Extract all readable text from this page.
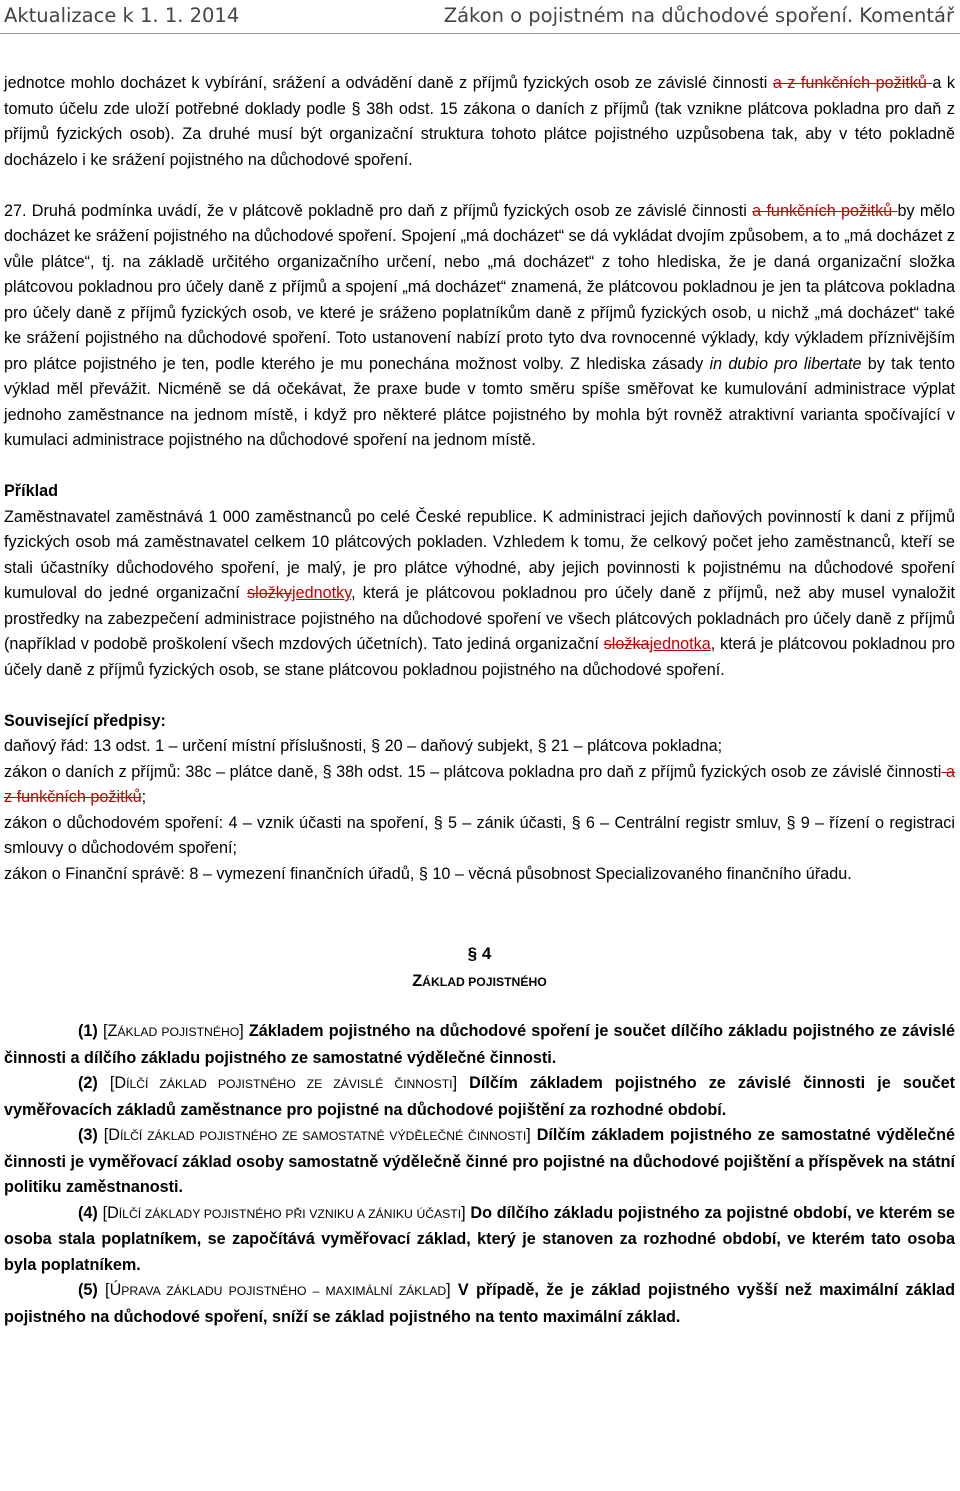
Aktualizace k 1. 1. 2014	Zákon o pojistném na důchodové spoření. Komentář

jednotce mohlo docházet k vybírání, srážení a odvádění daně z příjmů fyzických osob ze závislé činnosti a z funkčních požitků a k tomuto účelu zde uloží potřebné doklady podle § 38h odst. 15 zákona o daních z příjmů (tak vznikne plátcova pokladna pro daň z příjmů fyzických osob). Za druhé musí být organizační struktura tohoto plátce pojistného uzpůsobena tak, aby v této pokladně docházelo i ke srážení pojistného na důchodové spoření.

27. Druhá podmínka uvádí, že v plátcově pokladně pro daň z příjmů fyzických osob ze závislé činnosti a funkčních požitků by mělo docházet ke srážení pojistného na důchodové spoření. Spojení „má docházet“ se dá vykládat dvojím způsobem, a to „má docházet z vůle plátce“, tj. na základě určitého organizačního určení, nebo „má docházet“ z toho hlediska, že je daná organizační složka plátcovou pokladnou pro účely daně z příjmů a spojení „má docházet“ znamená, že plátcovou pokladnou je jen ta plátcova pokladna pro účely daně z příjmů fyzických osob, ve které je sráženo poplatníkům daně z příjmů fyzických osob, u nichž „má docházet“ také ke srážení pojistného na důchodové spoření. Toto ustanovení nabízí proto tyto dva rovnocenné výklady, kdy výkladem příznivějším pro plátce pojistného je ten, podle kterého je mu ponechána možnost volby. Z hlediska zásady in dubio pro libertate by tak tento výklad měl převážit. Nicméně se dá očekávat, že praxe bude v tomto směru spíše směřovat ke kumulování administrace výplat jednoho zaměstnance na jednom místě, i když pro některé plátce pojistného by mohla být rovněž atraktivní varianta spočívající v kumulaci administrace pojistného na důchodové spoření na jednom místě.

Příklad

Zaměstnavatel zaměstnává 1 000 zaměstnanců po celé České republice. K administraci jejich daňových povinností k dani z příjmů fyzických osob má zaměstnavatel celkem 10 plátcových pokladen. Vzhledem k tomu, že celkový počet jeho zaměstnanců, kteří se stali účastníky důchodového spoření, je malý, je pro plátce výhodné, aby jejich povinnosti k pojistnému na důchodové spoření kumuloval do jedné organizační složkyjednotky, která je plátcovou pokladnou pro účely daně z příjmů, než aby musel vynaložit prostředky na zabezpečení administrace pojistného na důchodové spoření ve všech plátcových pokladnách pro účely daně z příjmů (například v podobě proškolení všech mzdových účetních). Tato jediná organizační složkajednotka, která je plátcovou pokladnou pro účely daně z příjmů fyzických osob, se stane plátcovou pokladnou pojistného na důchodové spoření.

Související předpisy:

daňový řád: 13 odst. 1 – určení místní příslušnosti, § 20 – daňový subjekt, § 21 – plátcova pokladna;

zákon o daních z příjmů: 38c – plátce daně, § 38h odst. 15 – plátcova pokladna pro daň z příjmů fyzických osob ze závislé činnosti a z funkčních požitků;

zákon o důchodovém spoření: 4 – vznik účasti na spoření, § 5 – zánik účasti, § 6 – Centrální registr smluv, § 9 – řízení o registraci smlouvy o důchodovém spoření;

zákon o Finanční správě: 8 – vymezení finančních úřadů, § 10 – věcná působnost Specializovaného finančního úřadu.

§ 4

ZÁKLAD POJISTNÉHO

(1) [ZÁKLAD POJISTNÉHO] Základem pojistného na důchodové spoření je součet dílčího základu pojistného ze závislé činnosti a dílčího základu pojistného ze samostatné výdělečné činnosti.

(2) [DÍLČÍ ZÁKLAD POJISTNÉHO ZE ZÁVISLÉ ČINNOSTI] Dílčím základem pojistného ze závislé činnosti je součet vyměřovacích základů zaměstnance pro pojistné na důchodové pojištění za rozhodné období.

(3) [DÍLČÍ ZÁKLAD POJISTNÉHO ZE SAMOSTATNÉ VÝDĚLEČNÉ ČINNOSTI] Dílčím základem pojistného ze samostatné výdělečné činnosti je vyměřovací základ osoby samostatně výdělečně činné pro pojistné na důchodové pojištění a příspěvek na státní politiku zaměstnanosti.

(4) [DÍLČÍ ZÁKLADY POJISTNÉHO PŘI VZNIKU A ZÁNIKU ÚČASTI] Do dílčího základu pojistného za pojistné období, ve kterém se osoba stala poplatníkem, se započítává vyměřovací základ, který je stanoven za rozhodné období, ve kterém tato osoba byla poplatníkem.

(5) [ÚPRAVA ZÁKLADU POJISTNÉHO – MAXIMÁLNÍ ZÁKLAD] V případě, že je základ pojistného vyšší než maximální základ pojistného na důchodové spoření, sníží se základ pojistného na tento maximální základ.
